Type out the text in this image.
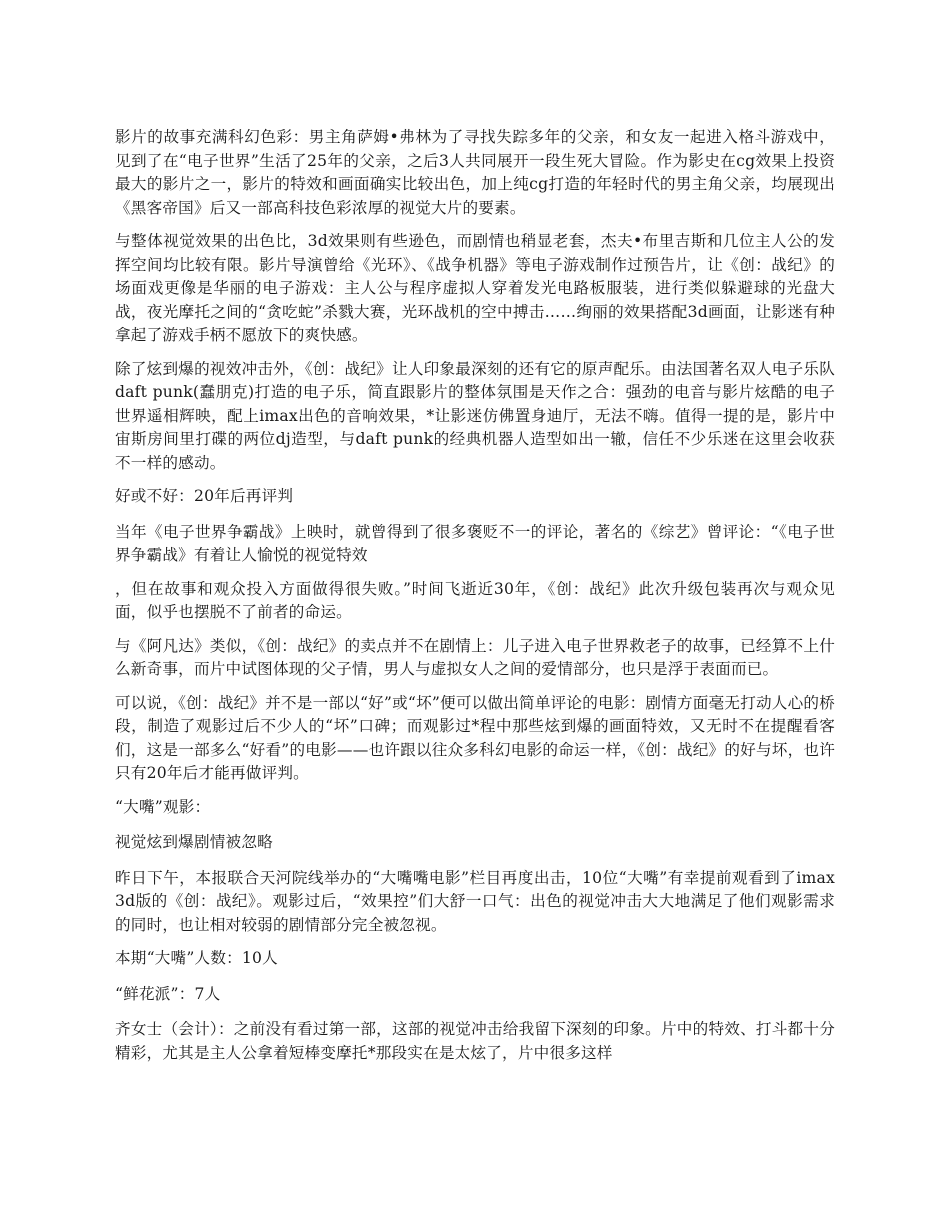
影片的故事充满科幻色彩：男主角萨姆•弗林为了寻找失踪多年的父亲，和女友一起进入格斗游戏中，见到了在“电子世界”生活了25年的父亲，之后3人共同展开一段生死大冒险。作为影史在cg效果上投资最大的影片之一，影片的特效和画面确实比较出色，加上纯cg打造的年轻时代的男主角父亲，均展现出《黑客帝国》后又一部高科技色彩浓厚的视觉大片的要素。

与整体视觉效果的出色比，3d效果则有些逊色，而剧情也稍显老套，杰夫•布里吉斯和几位主人公的发挥空间均比较有限。影片导演曾给《光环》、《战争机器》等电子游戏制作过预告片，让《创：战纪》的场面戏更像是华丽的电子游戏：主人公与程序虚拟人穿着发光电路板服装，进行类似躲避球的光盘大战，夜光摩托之间的“贪吃蛇”杀戮大赛，光环战机的空中搏击……绚丽的效果搭配3d画面，让影迷有种拿起了游戏手柄不愿放下的爽快感。

除了炫到爆的视效冲击外，《创：战纪》让人印象最深刻的还有它的原声配乐。由法国著名双人电子乐队daft punk(蠢朋克)打造的电子乐，简直跟影片的整体氛围是天作之合：强劲的电音与影片炫酷的电子世界遥相辉映，配上imax出色的音响效果，*让影迷仿佛置身迪厅，无法不嗨。值得一提的是，影片中宙斯房间里打碟的两位dj造型，与daft punk的经典机器人造型如出一辙，信任不少乐迷在这里会收获不一样的感动。

好或不好：20年后再评判

当年《电子世界争霸战》上映时，就曾得到了很多褒贬不一的评论，著名的《综艺》曾评论：“《电子世界争霸战》有着让人愉悦的视觉特效

，但在故事和观众投入方面做得很失败。”时间飞逝近30年，《创：战纪》此次升级包装再次与观众见面，似乎也摆脱不了前者的命运。

与《阿凡达》类似，《创：战纪》的卖点并不在剧情上：儿子进入电子世界救老子的故事，已经算不上什么新奇事，而片中试图体现的父子情，男人与虚拟女人之间的爱情部分，也只是浮于表面而已。

可以说，《创：战纪》并不是一部以“好”或“坏”便可以做出简单评论的电影：剧情方面毫无打动人心的桥段，制造了观影过后不少人的“坏”口碑；而观影过*程中那些炫到爆的画面特效，又无时不在提醒看客们，这是一部多么“好看”的电影——也许跟以往众多科幻电影的命运一样，《创：战纪》的好与坏，也许只有20年后才能再做评判。

“大嘴”观影：

视觉炫到爆剧情被忽略

昨日下午，本报联合天河院线举办的“大嘴嘴电影”栏目再度出击，10位“大嘴”有幸提前观看到了imax 3d版的《创：战纪》。观影过后，“效果控”们大舒一口气：出色的视觉冲击大大地满足了他们观影需求的同时，也让相对较弱的剧情部分完全被忽视。

本期“大嘴”人数：10人

“鲜花派”：7人

齐女士（会计）：之前没有看过第一部，这部的视觉冲击给我留下深刻的印象。片中的特效、打斗都十分精彩，尤其是主人公拿着短棒变摩托*那段实在是太炫了，片中很多这样
